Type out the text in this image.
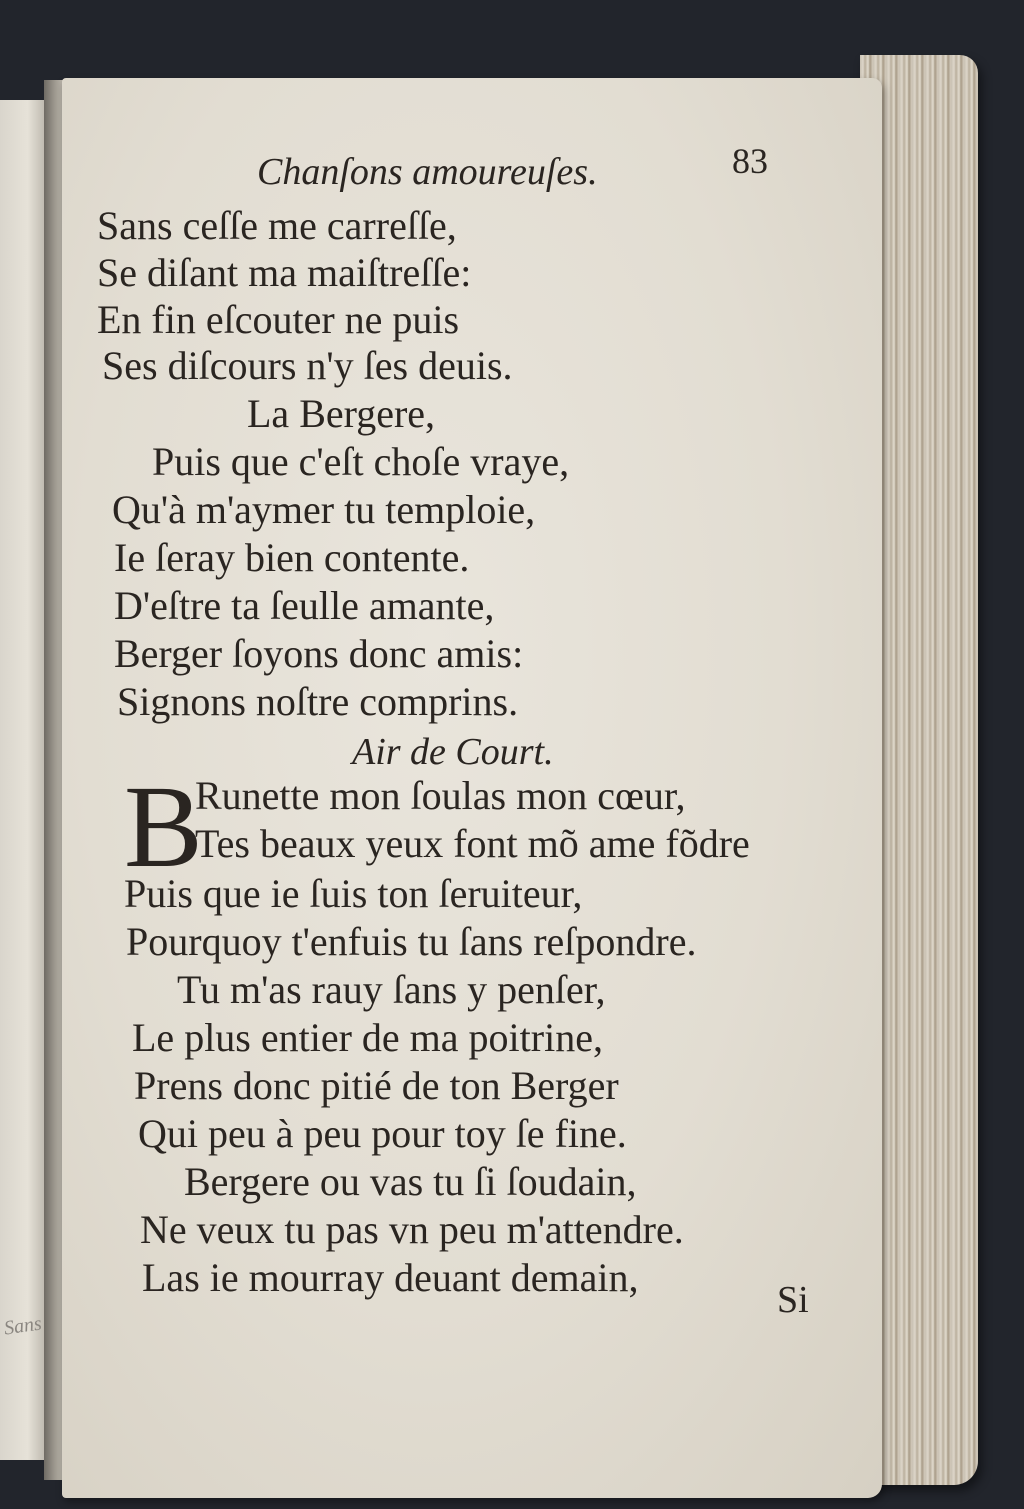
Sans
Chanſons amoureuſes.	83
Sans ceſſe me carreſſe,
Se diſant ma maiſtreſſe:
En fin eſcouter ne puis
Ses diſcours n'y ſes deuis.
La Bergere,
Puis que c'eſt choſe vraye,
Qu'à m'aymer tu temploie,
Ie ſeray bien contente.
D'eſtre ta ſeulle amante,
Berger ſoyons donc amis:
Signons noſtre comprins.
Air de Court.
B
Runette mon ſoulas mon cœur,
Tes beaux yeux font mõ ame fõdre
Puis que ie ſuis ton ſeruiteur,
Pourquoy t'enfuis tu ſans reſpondre.
Tu m'as rauy ſans y penſer,
Le plus entier de ma poitrine,
Prens donc pitié de ton Berger
Qui peu à peu pour toy ſe fine.
Bergere ou vas tu ſi ſoudain,
Ne veux tu pas vn peu m'attendre.
Las ie mourray deuant demain,	Si
